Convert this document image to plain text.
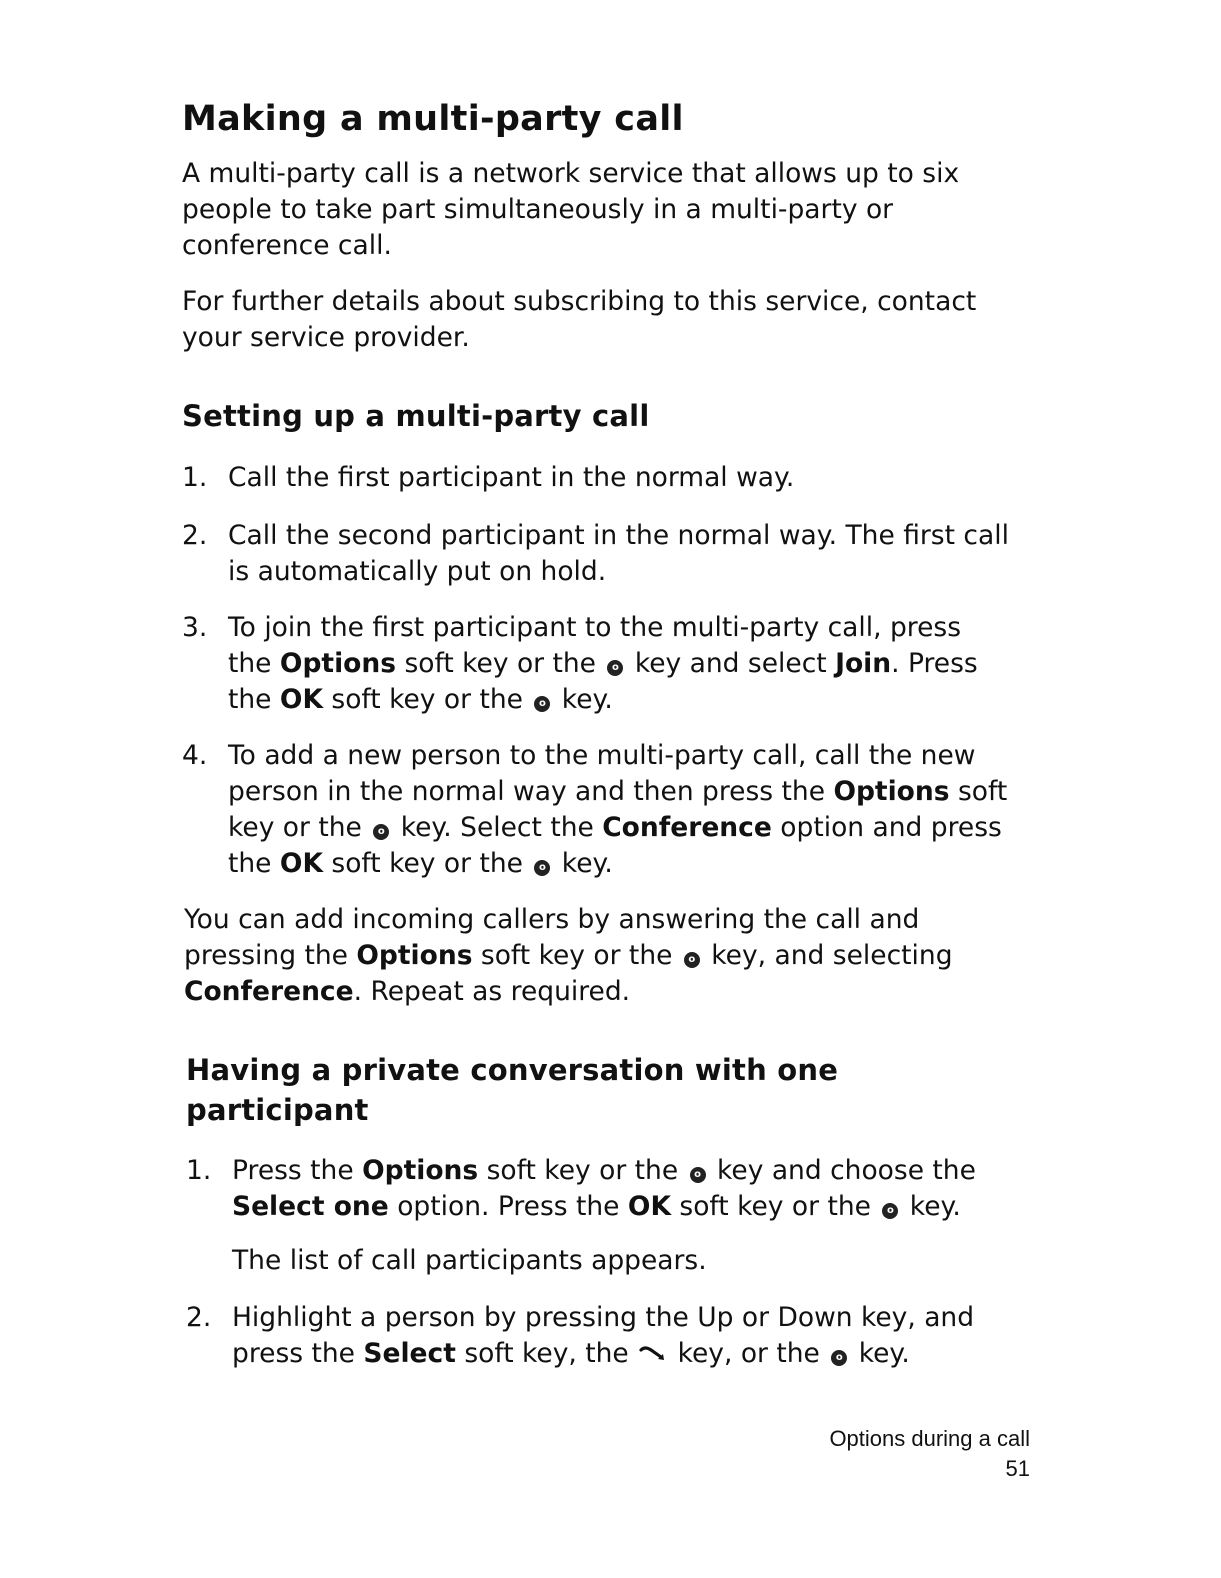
Making a multi-party call
A multi-party call is a network service that allows up to six
people to take part simultaneously in a multi-party or
conference call.
For further details about subscribing to this service, contact
your service provider.
Setting up a multi-party call
1. Call the first participant in the normal way.
2. Call the second participant in the normal way. The first call
is automatically put on hold.
3. To join the first participant to the multi-party call, press
the Options soft key or the o key and select Join. Press
the OK soft key or the o key.
4. To add a new person to the multi-party call, call the new
person in the normal way and then press the Options soft
key or the o key. Select the Conference option and press
the OK soft key or the o key.
You can add incoming callers by answering the call and
pressing the Options soft key or the o key, and selecting
Conference. Repeat as required.
Having a private conversation with one
participant
1. Press the Options soft key or the o key and choose the
Select one option. Press the OK soft key or the o key.
The list of call participants appears.
2. Highlight a person by pressing the Up or Down key, and
press the Select soft key, the  key, or the o key.
Options during a call
51
